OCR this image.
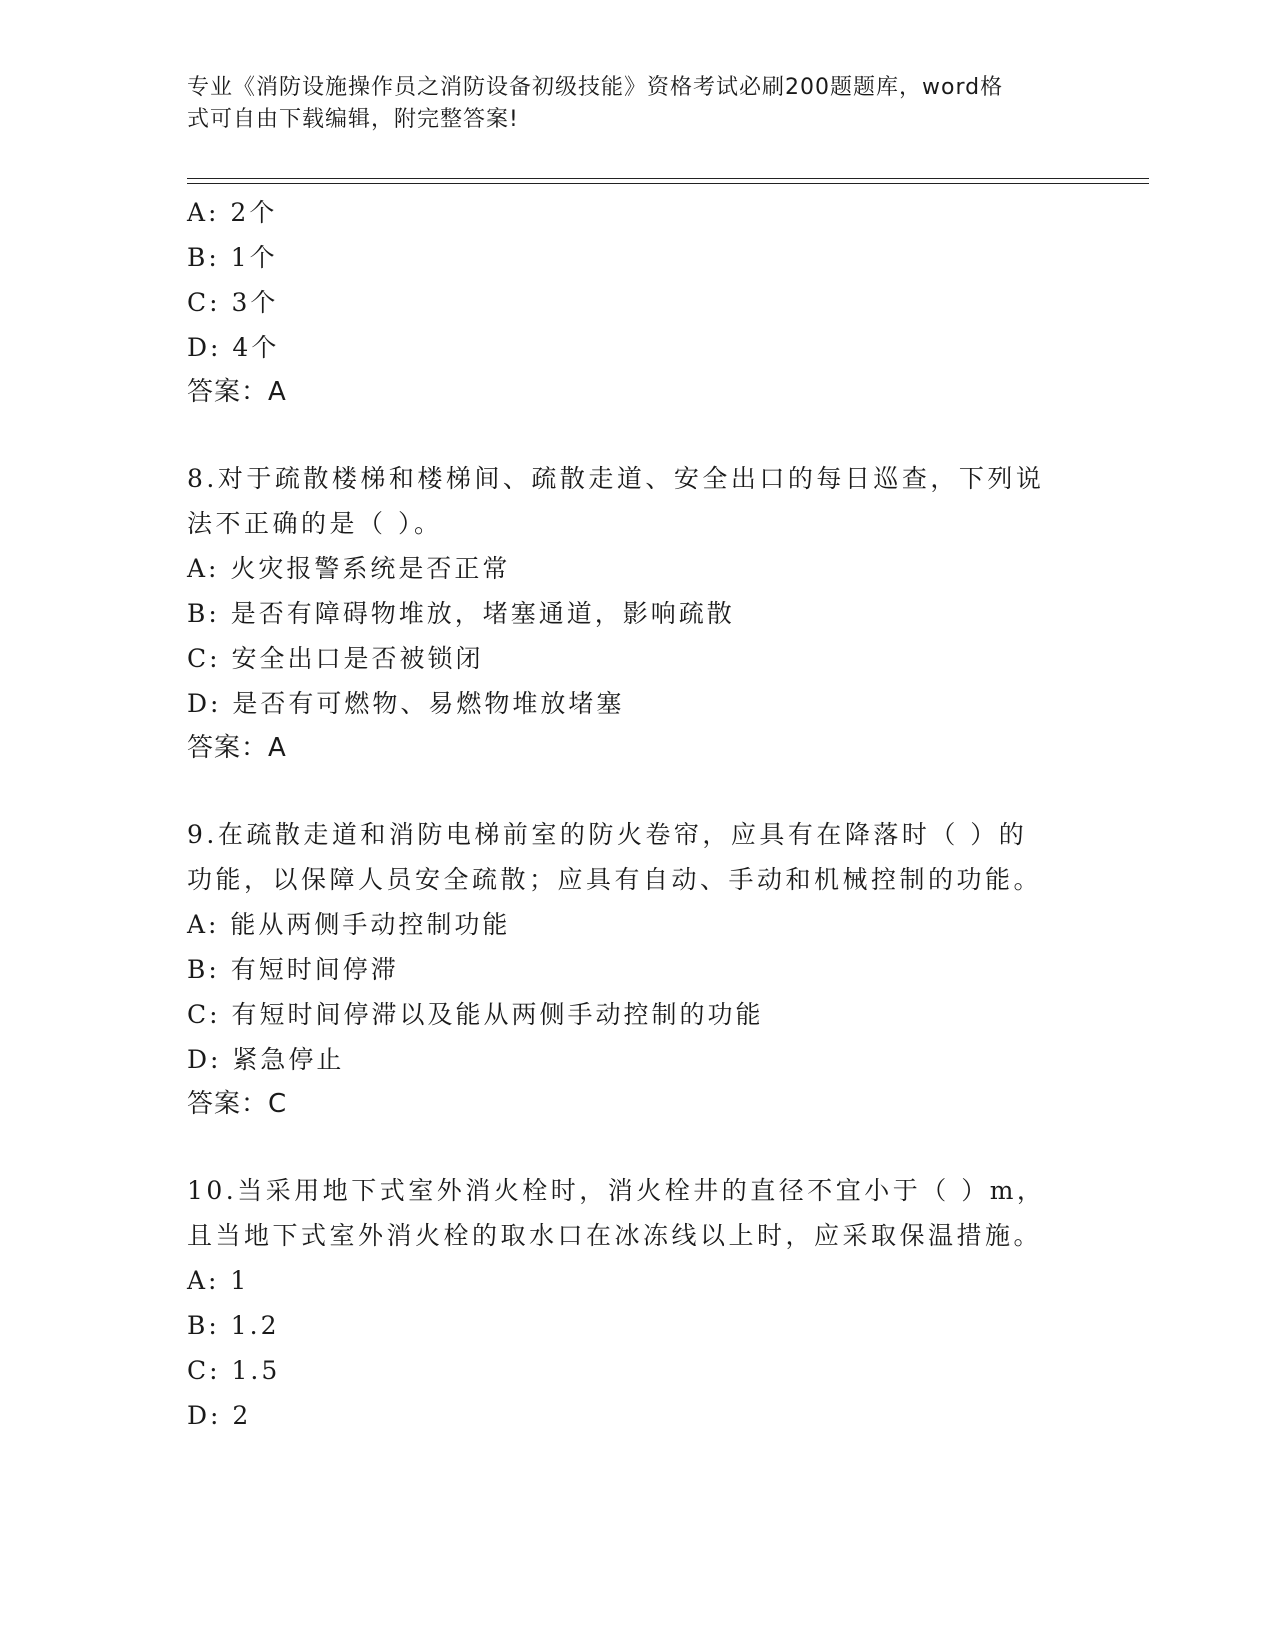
专业《消防设施操作员之消防设备初级技能》资格考试必刷200题题库，word格
式可自由下载编辑，附完整答案!
A: 2个
B: 1个
C: 3个
D: 4个
答案：A
8.对于疏散楼梯和楼梯间、疏散走道、安全出口的每日巡查，下列说
法不正确的是（ ）。
A: 火灾报警系统是否正常
B: 是否有障碍物堆放，堵塞通道，影响疏散
C: 安全出口是否被锁闭
D: 是否有可燃物、易燃物堆放堵塞
答案：A
9.在疏散走道和消防电梯前室的防火卷帘，应具有在降落时（ ）的
功能，以保障人员安全疏散；应具有自动、手动和机械控制的功能。
A: 能从两侧手动控制功能
B: 有短时间停滞
C: 有短时间停滞以及能从两侧手动控制的功能
D: 紧急停止
答案：C
10.当采用地下式室外消火栓时，消火栓井的直径不宜小于（ ）m，
且当地下式室外消火栓的取水口在冰冻线以上时，应采取保温措施。
A: 1
B: 1.2
C: 1.5
D: 2
